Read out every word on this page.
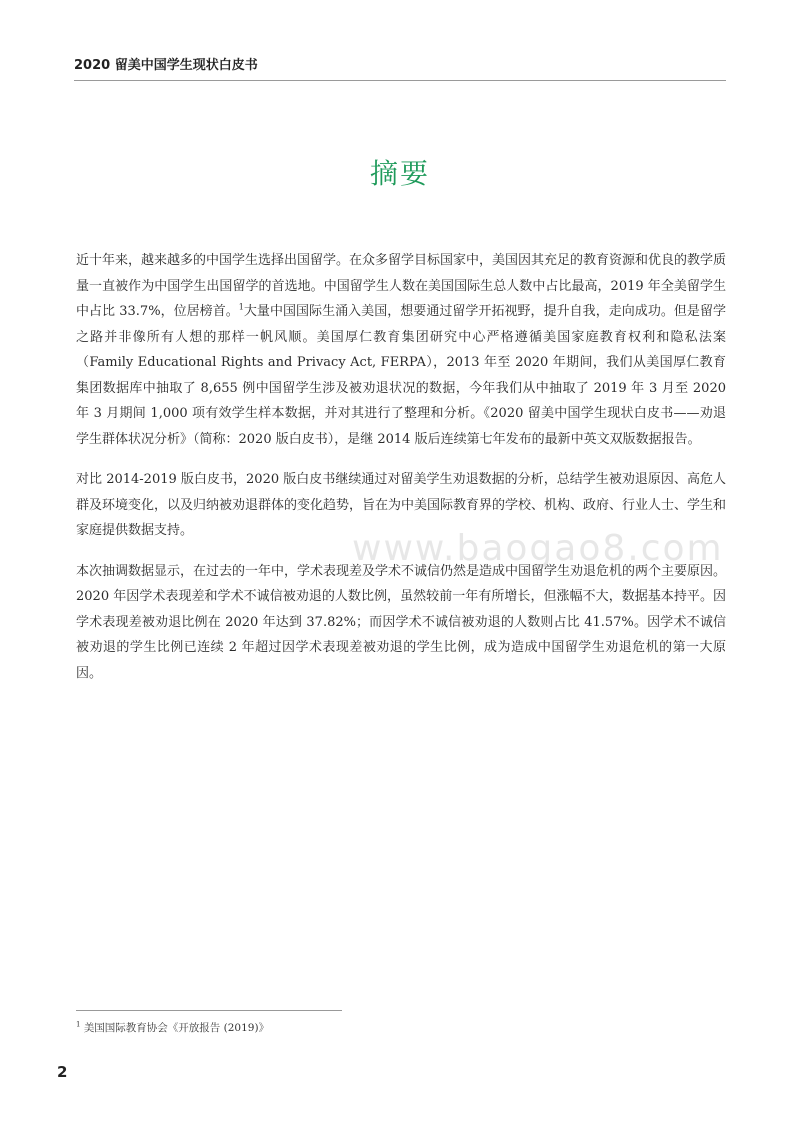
2020 留美中国学生现状白皮书
摘要

近十年来，越来越多的中国学生选择出国留学。在众多留学目标国家中，美国因其充足的教育资源和优良的教学质量一直被作为中国学生出国留学的首选地。中国留学生人数在美国国际生总人数中占比最高，2019 年全美留学生中占比 33.7%，位居榜首。$^1$大量中国国际生涌入美国，想要通过留学开拓视野，提升自我，走向成功。但是留学之路并非像所有人想的那样一帆风顺。美国厚仁教育集团研究中心严格遵循美国家庭教育权利和隐私法案（Family Educational Rights and Privacy Act, FERPA），2013 年至 2020 年期间，我们从美国厚仁教育集团数据库中抽取了 8,655 例中国留学生涉及被劝退状况的数据，今年我们从中抽取了 2019 年 3 月至 2020 年 3 月期间 1,000 项有效学生样本数据，并对其进行了整理和分析。《2020 留美中国学生现状白皮书——劝退学生群体状况分析》（简称：2020 版白皮书），是继 2014 版后连续第七年发布的最新中英文双版数据报告。

对比 2014-2019 版白皮书，2020 版白皮书继续通过对留美学生劝退数据的分析，总结学生被劝退原因、高危人群及环境变化，以及归纳被劝退群体的变化趋势，旨在为中美国际教育界的学校、机构、政府、行业人士、学生和家庭提供数据支持。

本次抽调数据显示，在过去的一年中，学术表现差及学术不诚信仍然是造成中国留学生劝退危机的两个主要原因。2020 年因学术表现差和学术不诚信被劝退的人数比例，虽然较前一年有所增长，但涨幅不大，数据基本持平。因学术表现差被劝退比例在 2020 年达到 37.82%；而因学术不诚信被劝退的人数则占比 41.57%。因学术不诚信被劝退的学生比例已连续 2 年超过因学术表现差被劝退的学生比例，成为造成中国留学生劝退危机的第一大原因。

www.baogao8.com
$^1$ 美国国际教育协会《开放报告 (2019)》
2
